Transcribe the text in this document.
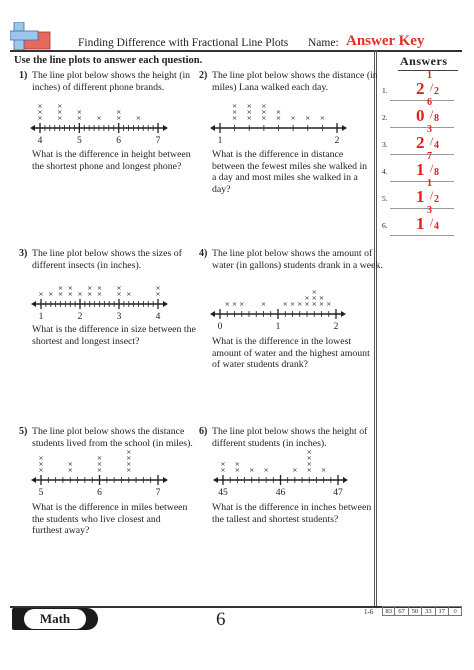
Finding Difference with Fractional Line Plots Name: Answer Key
Use the line plots to answer each question.
1) The line plot below shows the height (in inches) of different phone brands.
4	5	6	7
×
×
×
×
×
×
×
×
× ×
×
×
What is the difference in height between the shortest phone and longest phone?
2) The line plot below shows the distance (in miles) Lana walked each day.
1	2
×
×
×
×
×
×
×
×
×
×
×
× × ×
What is the difference in distance between the fewest miles she walked in a day and most miles she walked in a day?
3) The line plot below shows the sizes of different insects (in inches).
1	2	3	4
× × ×
×
×
×
× ×
×
×
×
×
×
×	×
×
What is the difference in size between the shortest and longest insect?
4) The line plot below shows the amount of water (in gallons) students drank in a week.
0	1	2
× × ×	×	× × × ×
×
×
×
×
×
×
×
What is the difference in the lowest amount of water and the highest amount of water students drank?
5) The line plot below shows the distance students lived from the school (in miles).
5	6	7
×
×
×
×
×
×
×
×
×
×
×
×
What is the difference in miles between the students who live closest and furthest away?
6) The line plot below shows the height of different students (in inches).
45	46	47
×
×
×
×
× ×	× ×
×
×
×
×
What is the difference in inches between the tallest and shortest students?
Answers
1. 2
1
/ 2
2. 0
6
/ 8
3. 2
3
/ 4
4. 1
7
/ 8
5. 1
1
/ 2
6. 1
3
/ 4
Math	6	1-6	83 67	50	33	17	0
